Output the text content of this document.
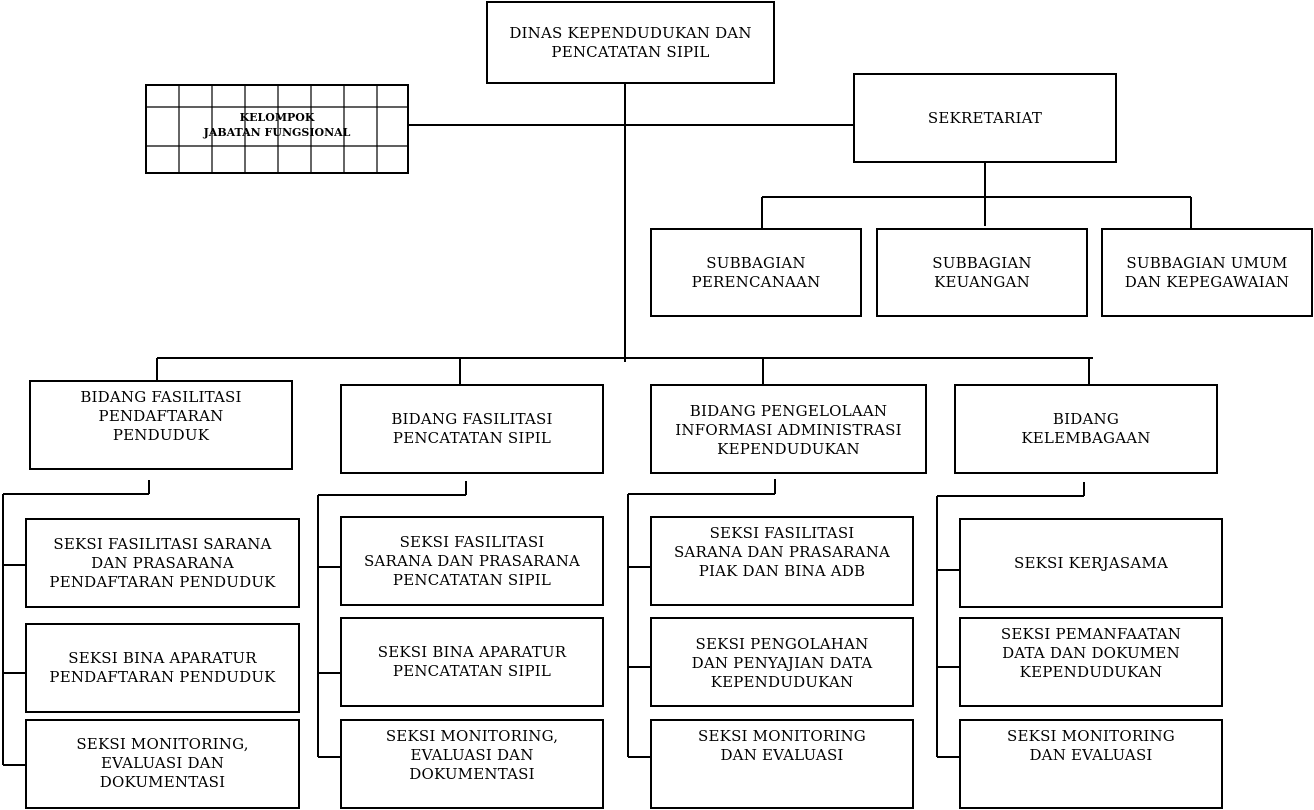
DINAS KEPENDUDUKAN DAN
PENCATATAN SIPIL
KELOMPOK
JABATAN FUNGSIONAL
SEKRETARIAT
SUBBAGIAN
PERENCANAAN
SUBBAGIAN
KEUANGAN
SUBBAGIAN UMUM
DAN KEPEGAWAIAN
BIDANG FASILITASI
PENDAFTARAN
PENDUDUK
BIDANG FASILITASI
PENCATATAN SIPIL
BIDANG PENGELOLAAN
INFORMASI ADMINISTRASI
KEPENDUDUKAN
BIDANG
KELEMBAGAAN
SEKSI FASILITASI SARANA
DAN PRASARANA
PENDAFTARAN PENDUDUK
SEKSI BINA APARATUR
PENDAFTARAN PENDUDUK
SEKSI MONITORING,
EVALUASI DAN
DOKUMENTASI
SEKSI FASILITASI
SARANA DAN PRASARANA
PENCATATAN SIPIL
SEKSI BINA APARATUR
PENCATATAN SIPIL
SEKSI MONITORING,
EVALUASI DAN
DOKUMENTASI
SEKSI FASILITASI
SARANA DAN PRASARANA
PIAK DAN BINA ADB
SEKSI PENGOLAHAN
DAN PENYAJIAN DATA
KEPENDUDUKAN
SEKSI MONITORING
DAN EVALUASI
SEKSI KERJASAMA
SEKSI PEMANFAATAN
DATA DAN DOKUMEN
KEPENDUDUKAN
SEKSI MONITORING
DAN EVALUASI
